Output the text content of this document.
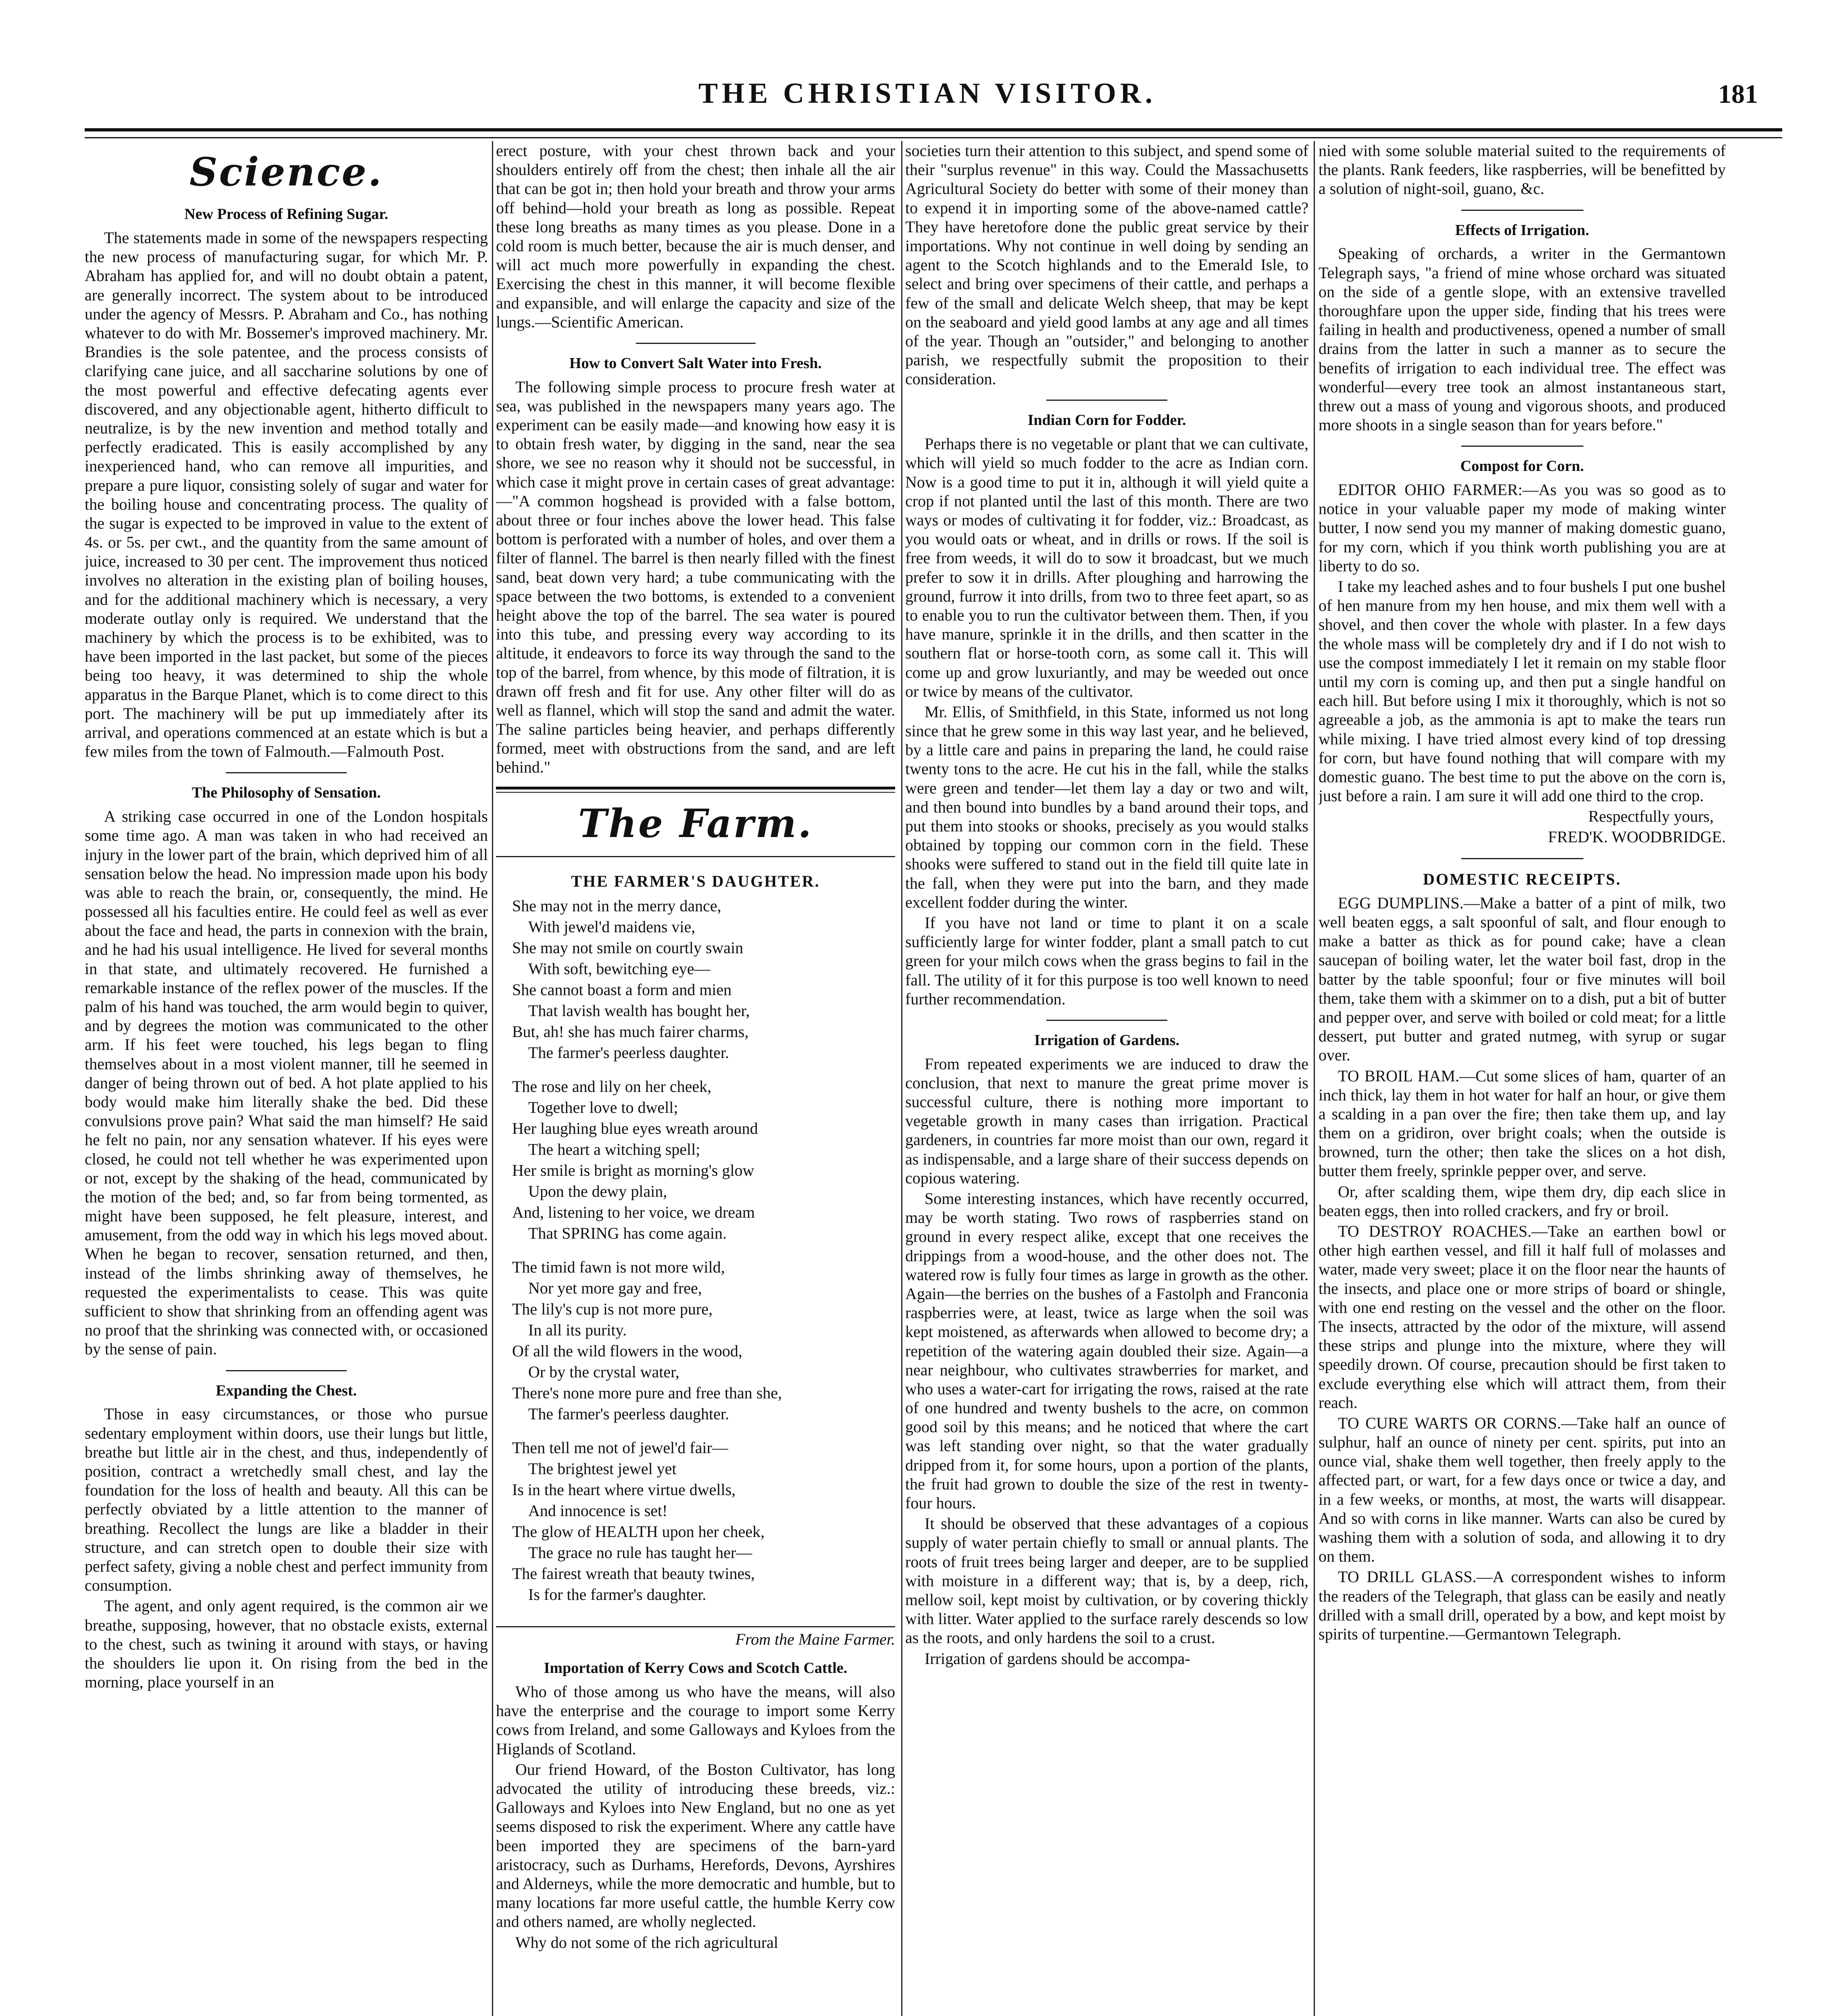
THE CHRISTIAN VISITOR.	181
Science.
New Process of Refining Sugar.

The statements made in some of the newspapers respecting the new process of manufacturing sugar, for which Mr. P. Abraham has applied for, and will no doubt obtain a patent, are generally incorrect. The system about to be introduced under the agency of Messrs. P. Abraham and Co., has nothing whatever to do with Mr. Bossemer's improved machinery. Mr. Brandies is the sole patentee, and the process consists of clarifying cane juice, and all saccharine solutions by one of the most powerful and effective defecating agents ever discovered, and any objectionable agent, hitherto difficult to neutralize, is by the new invention and method totally and perfectly eradicated. This is easily accomplished by any inexperienced hand, who can remove all impurities, and prepare a pure liquor, consisting solely of sugar and water for the boiling house and concentrating process. The quality of the sugar is expected to be improved in value to the extent of 4s. or 5s. per cwt., and the quantity from the same amount of juice, increased to 30 per cent. The improvement thus noticed involves no alteration in the existing plan of boiling houses, and for the additional machinery which is necessary, a very moderate outlay only is required. We understand that the machinery by which the process is to be exhibited, was to have been imported in the last packet, but some of the pieces being too heavy, it was determined to ship the whole apparatus in the Barque Planet, which is to come direct to this port. The machinery will be put up immediately after its arrival, and operations commenced at an estate which is but a few miles from the town of Falmouth.—Falmouth Post.

The Philosophy of Sensation.

A striking case occurred in one of the London hospitals some time ago. A man was taken in who had received an injury in the lower part of the brain, which deprived him of all sensation below the head. No impression made upon his body was able to reach the brain, or, consequently, the mind. He possessed all his faculties entire. He could feel as well as ever about the face and head, the parts in connexion with the brain, and he had his usual intelligence. He lived for several months in that state, and ultimately recovered. He furnished a remarkable instance of the reflex power of the muscles. If the palm of his hand was touched, the arm would begin to quiver, and by degrees the motion was communicated to the other arm. If his feet were touched, his legs began to fling themselves about in a most violent manner, till he seemed in danger of being thrown out of bed. A hot plate applied to his body would make him literally shake the bed. Did these convulsions prove pain? What said the man himself? He said he felt no pain, nor any sensation whatever. If his eyes were closed, he could not tell whether he was experimented upon or not, except by the shaking of the head, communicated by the motion of the bed; and, so far from being tormented, as might have been supposed, he felt pleasure, interest, and amusement, from the odd way in which his legs moved about. When he began to recover, sensation returned, and then, instead of the limbs shrinking away of themselves, he requested the experimentalists to cease. This was quite sufficient to show that shrinking from an offending agent was no proof that the shrinking was connected with, or occasioned by the sense of pain.

Expanding the Chest.

Those in easy circumstances, or those who pursue sedentary employment within doors, use their lungs but little, breathe but little air in the chest, and thus, independently of position, contract a wretchedly small chest, and lay the foundation for the loss of health and beauty. All this can be perfectly obviated by a little attention to the manner of breathing. Recollect the lungs are like a bladder in their structure, and can stretch open to double their size with perfect safety, giving a noble chest and perfect immunity from consumption.

The agent, and only agent required, is the common air we breathe, supposing, however, that no obstacle exists, external to the chest, such as twining it around with stays, or having the shoulders lie upon it. On rising from the bed in the morning, place yourself in an

erect posture, with your chest thrown back and your shoulders entirely off from the chest; then inhale all the air that can be got in; then hold your breath and throw your arms off behind—hold your breath as long as possible. Repeat these long breaths as many times as you please. Done in a cold room is much better, because the air is much denser, and will act much more powerfully in expanding the chest. Exercising the chest in this manner, it will become flexible and expansible, and will enlarge the capacity and size of the lungs.—Scientific American.

How to Convert Salt Water into Fresh.

The following simple process to procure fresh water at sea, was published in the newspapers many years ago. The experiment can be easily made—and knowing how easy it is to obtain fresh water, by digging in the sand, near the sea shore, we see no reason why it should not be successful, in which case it might prove in certain cases of great advantage:—"A common hogshead is provided with a false bottom, about three or four inches above the lower head. This false bottom is perforated with a number of holes, and over them a filter of flannel. The barrel is then nearly filled with the finest sand, beat down very hard; a tube communicating with the space between the two bottoms, is extended to a convenient height above the top of the barrel. The sea water is poured into this tube, and pressing every way according to its altitude, it endeavors to force its way through the sand to the top of the barrel, from whence, by this mode of filtration, it is drawn off fresh and fit for use. Any other filter will do as well as flannel, which will stop the sand and admit the water. The saline particles being heavier, and perhaps differently formed, meet with obstructions from the sand, and are left behind."

The Farm.
THE FARMER'S DAUGHTER.
She may not in the merry dance,
With jewel'd maidens vie,
She may not smile on courtly swain
With soft, bewitching eye—
She cannot boast a form and mien
That lavish wealth has bought her,
But, ah! she has much fairer charms,
The farmer's peerless daughter.
The rose and lily on her cheek,
Together love to dwell;
Her laughing blue eyes wreath around
The heart a witching spell;
Her smile is bright as morning's glow
Upon the dewy plain,
And, listening to her voice, we dream
That SPRING has come again.
The timid fawn is not more wild,
Nor yet more gay and free,
The lily's cup is not more pure,
In all its purity.
Of all the wild flowers in the wood,
Or by the crystal water,
There's none more pure and free than she,
The farmer's peerless daughter.
Then tell me not of jewel'd fair—
The brightest jewel yet
Is in the heart where virtue dwells,
And innocence is set!
The glow of HEALTH upon her cheek,
The grace no rule has taught her—
The fairest wreath that beauty twines,
Is for the farmer's daughter.

From the Maine Farmer.

Importation of Kerry Cows and Scotch Cattle.

Who of those among us who have the means, will also have the enterprise and the courage to import some Kerry cows from Ireland, and some Galloways and Kyloes from the Higlands of Scotland.

Our friend Howard, of the Boston Cultivator, has long advocated the utility of introducing these breeds, viz.: Galloways and Kyloes into New England, but no one as yet seems disposed to risk the experiment. Where any cattle have been imported they are specimens of the barn-yard aristocracy, such as Durhams, Herefords, Devons, Ayrshires and Alderneys, while the more democratic and humble, but to many locations far more useful cattle, the humble Kerry cow and others named, are wholly neglected.

Why do not some of the rich agricultural

societies turn their attention to this subject, and spend some of their "surplus revenue" in this way. Could the Massachusetts Agricultural Society do better with some of their money than to expend it in importing some of the above-named cattle? They have heretofore done the public great service by their importations. Why not continue in well doing by sending an agent to the Scotch highlands and to the Emerald Isle, to select and bring over specimens of their cattle, and perhaps a few of the small and delicate Welch sheep, that may be kept on the seaboard and yield good lambs at any age and all times of the year. Though an "outsider," and belonging to another parish, we respectfully submit the proposition to their consideration.

Indian Corn for Fodder.

Perhaps there is no vegetable or plant that we can cultivate, which will yield so much fodder to the acre as Indian corn. Now is a good time to put it in, although it will yield quite a crop if not planted until the last of this month. There are two ways or modes of cultivating it for fodder, viz.: Broadcast, as you would oats or wheat, and in drills or rows. If the soil is free from weeds, it will do to sow it broadcast, but we much prefer to sow it in drills. After ploughing and harrowing the ground, furrow it into drills, from two to three feet apart, so as to enable you to run the cultivator between them. Then, if you have manure, sprinkle it in the drills, and then scatter in the southern flat or horse-tooth corn, as some call it. This will come up and grow luxuriantly, and may be weeded out once or twice by means of the cultivator.

Mr. Ellis, of Smithfield, in this State, informed us not long since that he grew some in this way last year, and he believed, by a little care and pains in preparing the land, he could raise twenty tons to the acre. He cut his in the fall, while the stalks were green and tender—let them lay a day or two and wilt, and then bound into bundles by a band around their tops, and put them into stooks or shooks, precisely as you would stalks obtained by topping our common corn in the field. These shooks were suffered to stand out in the field till quite late in the fall, when they were put into the barn, and they made excellent fodder during the winter.

If you have not land or time to plant it on a scale sufficiently large for winter fodder, plant a small patch to cut green for your milch cows when the grass begins to fail in the fall. The utility of it for this purpose is too well known to need further recommendation.

Irrigation of Gardens.

From repeated experiments we are induced to draw the conclusion, that next to manure the great prime mover is successful culture, there is nothing more important to vegetable growth in many cases than irrigation. Practical gardeners, in countries far more moist than our own, regard it as indispensable, and a large share of their success depends on copious watering.

Some interesting instances, which have recently occurred, may be worth stating. Two rows of raspberries stand on ground in every respect alike, except that one receives the drippings from a wood-house, and the other does not. The watered row is fully four times as large in growth as the other. Again—the berries on the bushes of a Fastolph and Franconia raspberries were, at least, twice as large when the soil was kept moistened, as afterwards when allowed to become dry; a repetition of the watering again doubled their size. Again—a near neighbour, who cultivates strawberries for market, and who uses a water-cart for irrigating the rows, raised at the rate of one hundred and twenty bushels to the acre, on common good soil by this means; and he noticed that where the cart was left standing over night, so that the water gradually dripped from it, for some hours, upon a portion of the plants, the fruit had grown to double the size of the rest in twenty-four hours.

It should be observed that these advantages of a copious supply of water pertain chiefly to small or annual plants. The roots of fruit trees being larger and deeper, are to be supplied with moisture in a different way; that is, by a deep, rich, mellow soil, kept moist by cultivation, or by covering thickly with litter. Water applied to the surface rarely descends so low as the roots, and only hardens the soil to a crust.

Irrigation of gardens should be accompa-

nied with some soluble material suited to the requirements of the plants. Rank feeders, like raspberries, will be benefitted by a solution of night-soil, guano, &c.

Effects of Irrigation.

Speaking of orchards, a writer in the Germantown Telegraph says, "a friend of mine whose orchard was situated on the side of a gentle slope, with an extensive travelled thoroughfare upon the upper side, finding that his trees were failing in health and productiveness, opened a number of small drains from the latter in such a manner as to secure the benefits of irrigation to each individual tree. The effect was wonderful—every tree took an almost instantaneous start, threw out a mass of young and vigorous shoots, and produced more shoots in a single season than for years before."

Compost for Corn.

EDITOR OHIO FARMER:—As you was so good as to notice in your valuable paper my mode of making winter butter, I now send you my manner of making domestic guano, for my corn, which if you think worth publishing you are at liberty to do so.

I take my leached ashes and to four bushels I put one bushel of hen manure from my hen house, and mix them well with a shovel, and then cover the whole with plaster. In a few days the whole mass will be completely dry and if I do not wish to use the compost immediately I let it remain on my stable floor until my corn is coming up, and then put a single handful on each hill. But before using I mix it thoroughly, which is not so agreeable a job, as the ammonia is apt to make the tears run while mixing. I have tried almost every kind of top dressing for corn, but have found nothing that will compare with my domestic guano. The best time to put the above on the corn is, just before a rain. I am sure it will add one third to the crop.

Respectfully yours,

FRED'K. WOODBRIDGE.

DOMESTIC RECEIPTS.

EGG DUMPLINS.—Make a batter of a pint of milk, two well beaten eggs, a salt spoonful of salt, and flour enough to make a batter as thick as for pound cake; have a clean saucepan of boiling water, let the water boil fast, drop in the batter by the table spoonful; four or five minutes will boil them, take them with a skimmer on to a dish, put a bit of butter and pepper over, and serve with boiled or cold meat; for a little dessert, put butter and grated nutmeg, with syrup or sugar over.

TO BROIL HAM.—Cut some slices of ham, quarter of an inch thick, lay them in hot water for half an hour, or give them a scalding in a pan over the fire; then take them up, and lay them on a gridiron, over bright coals; when the outside is browned, turn the other; then take the slices on a hot dish, butter them freely, sprinkle pepper over, and serve.

Or, after scalding them, wipe them dry, dip each slice in beaten eggs, then into rolled crackers, and fry or broil.

TO DESTROY ROACHES.—Take an earthen bowl or other high earthen vessel, and fill it half full of molasses and water, made very sweet; place it on the floor near the haunts of the insects, and place one or more strips of board or shingle, with one end resting on the vessel and the other on the floor. The insects, attracted by the odor of the mixture, will assend these strips and plunge into the mixture, where they will speedily drown. Of course, precaution should be first taken to exclude everything else which will attract them, from their reach.

TO CURE WARTS OR CORNS.—Take half an ounce of sulphur, half an ounce of ninety per cent. spirits, put into an ounce vial, shake them well together, then freely apply to the affected part, or wart, for a few days once or twice a day, and in a few weeks, or months, at most, the warts will disappear. And so with corns in like manner. Warts can also be cured by washing them with a solution of soda, and allowing it to dry on them.

TO DRILL GLASS.—A correspondent wishes to inform the readers of the Telegraph, that glass can be easily and neatly drilled with a small drill, operated by a bow, and kept moist by spirits of turpentine.—Germantown Telegraph.
